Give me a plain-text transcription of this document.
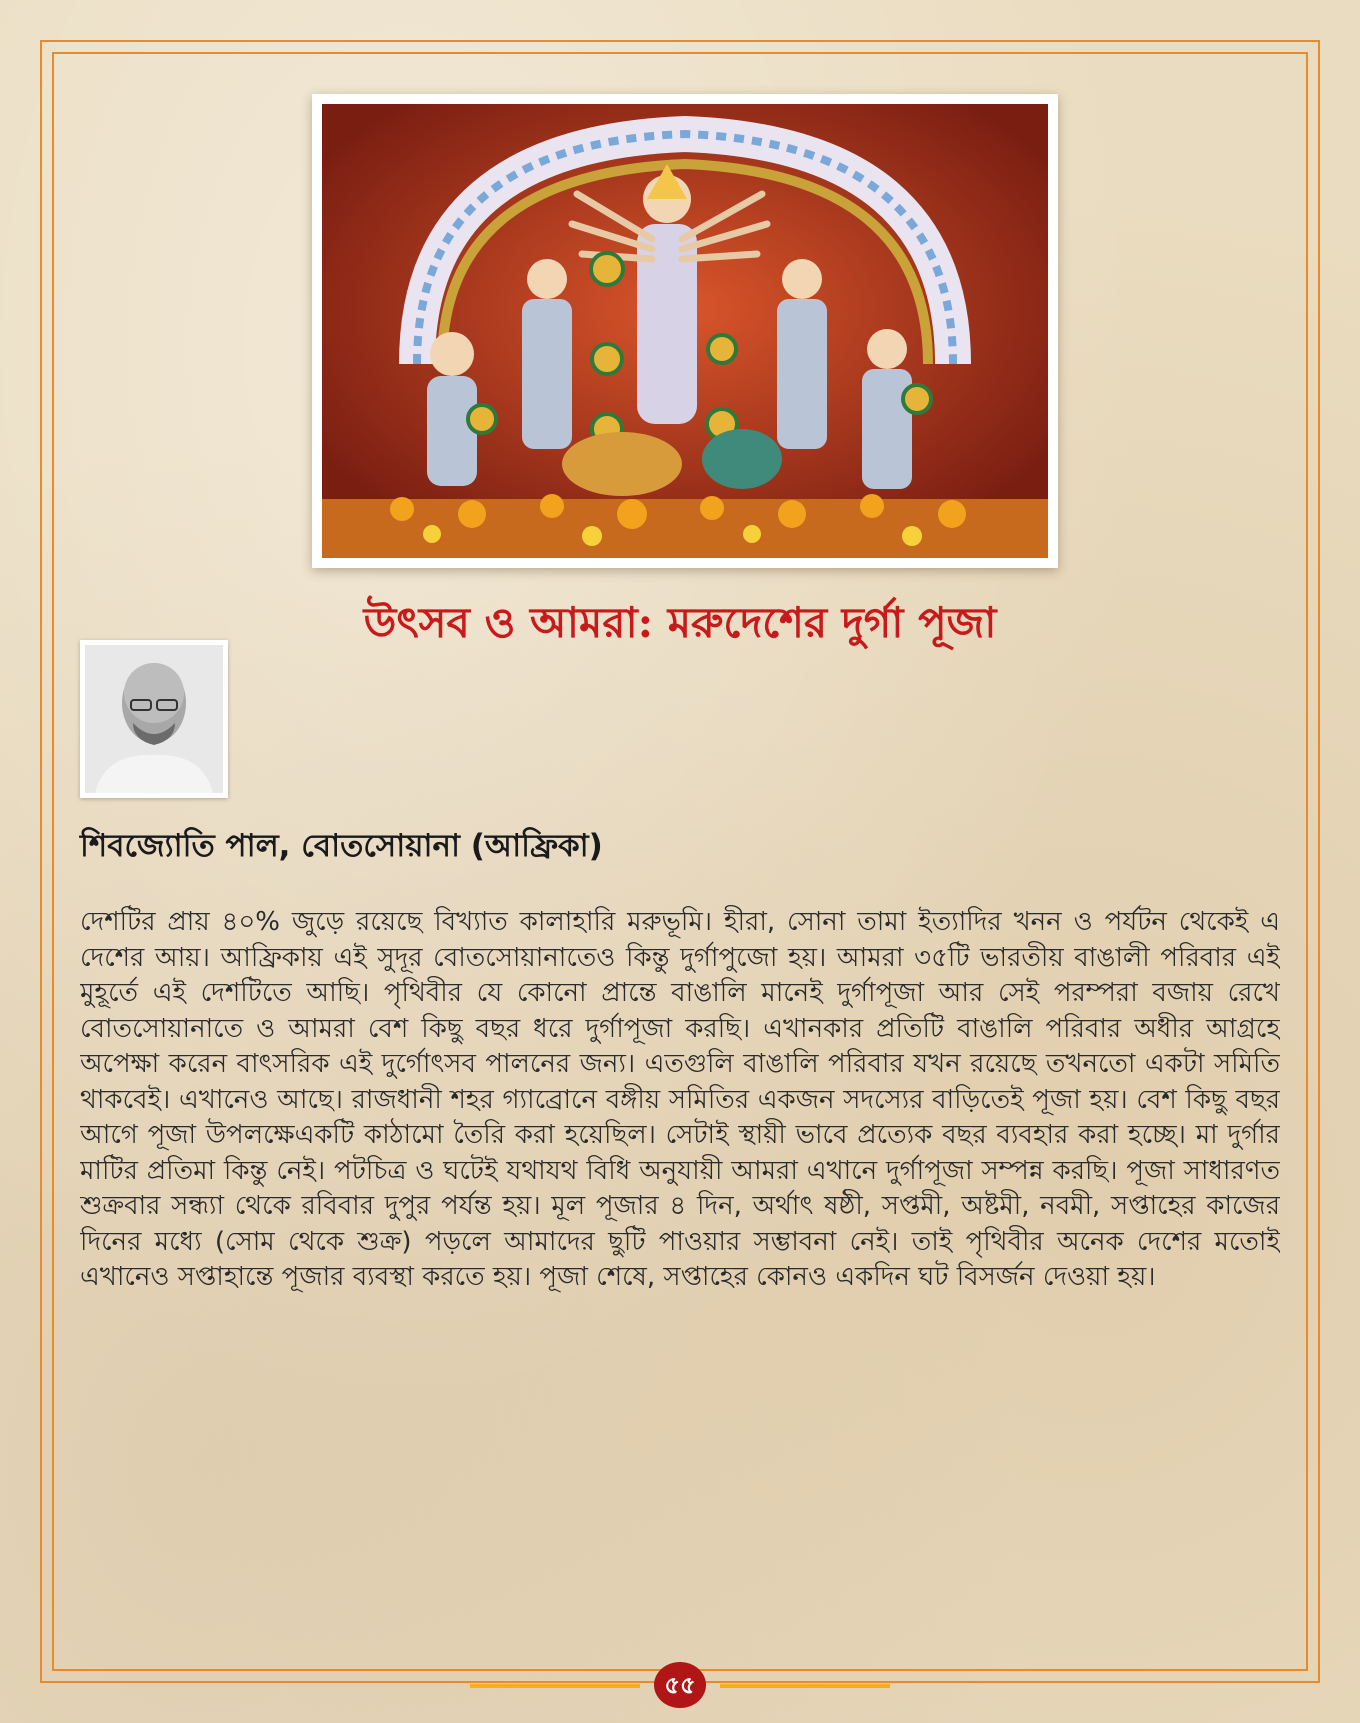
উৎসব ও আমরা: মরুদেশের দুর্গা পূজা
শিবজ্যোতি পাল, বোতসোয়ানা (আফ্রিকা)
দেশটির প্রায় ৪০% জুড়ে রয়েছে বিখ্যাত কালাহারি মরুভূমি। হীরা, সোনা তামা ইত্যাদির খনন ও পর্যটন থেকেই এ দেশের আয়। আফ্রিকায় এই সুদূর বোতসোয়ানাতেও কিন্তু দুর্গাপুজো হয়। আমরা ৩৫টি ভারতীয় বাঙালী পরিবার এই মুহূর্তে এই দেশটিতে আছি। পৃথিবীর যে কোনো প্রান্তে বাঙালি মানেই দুর্গাপূজা আর সেই পরম্পরা বজায় রেখে বোতসোয়ানাতে ও আমরা বেশ কিছু বছর ধরে দুর্গাপূজা করছি। এখানকার প্রতিটি বাঙালি পরিবার অধীর আগ্রহে অপেক্ষা করেন বাৎসরিক এই দুর্গোৎসব পালনের জন্য। এতগুলি বাঙালি পরিবার যখন রয়েছে তখনতো একটা সমিতি থাকবেই। এখানেও আছে। রাজধানী শহর গ্যাব্রোনে বঙ্গীয় সমিতির একজন সদস্যের বাড়িতেই পূজা হয়। বেশ কিছু বছর আগে পূজা উপলক্ষেএকটি কাঠামো তৈরি করা হয়েছিল। সেটাই স্থায়ী ভাবে প্রত্যেক বছর ব্যবহার করা হচ্ছে। মা দুর্গার মাটির প্রতিমা কিন্তু নেই। পটচিত্র ও ঘটেই যথাযথ বিধি অনুযায়ী আমরা এখানে দুর্গাপূজা সম্পন্ন করছি। পূজা সাধারণত শুক্রবার সন্ধ্যা থেকে রবিবার দুপুর পর্যন্ত হয়। মূল পূজার ৪ দিন, অর্থাৎ ষষ্ঠী, সপ্তমী, অষ্টমী, নবমী, সপ্তাহের কাজের দিনের মধ্যে (সোম থেকে শুক্র) পড়লে আমাদের ছুটি পাওয়ার সম্ভাবনা নেই। তাই পৃথিবীর অনেক দেশের মতোই এখানেও সপ্তাহান্তে পূজার ব্যবস্থা করতে হয়। পূজা শেষে, সপ্তাহের কোনও একদিন ঘট বিসর্জন দেওয়া হয়।
৫৫
